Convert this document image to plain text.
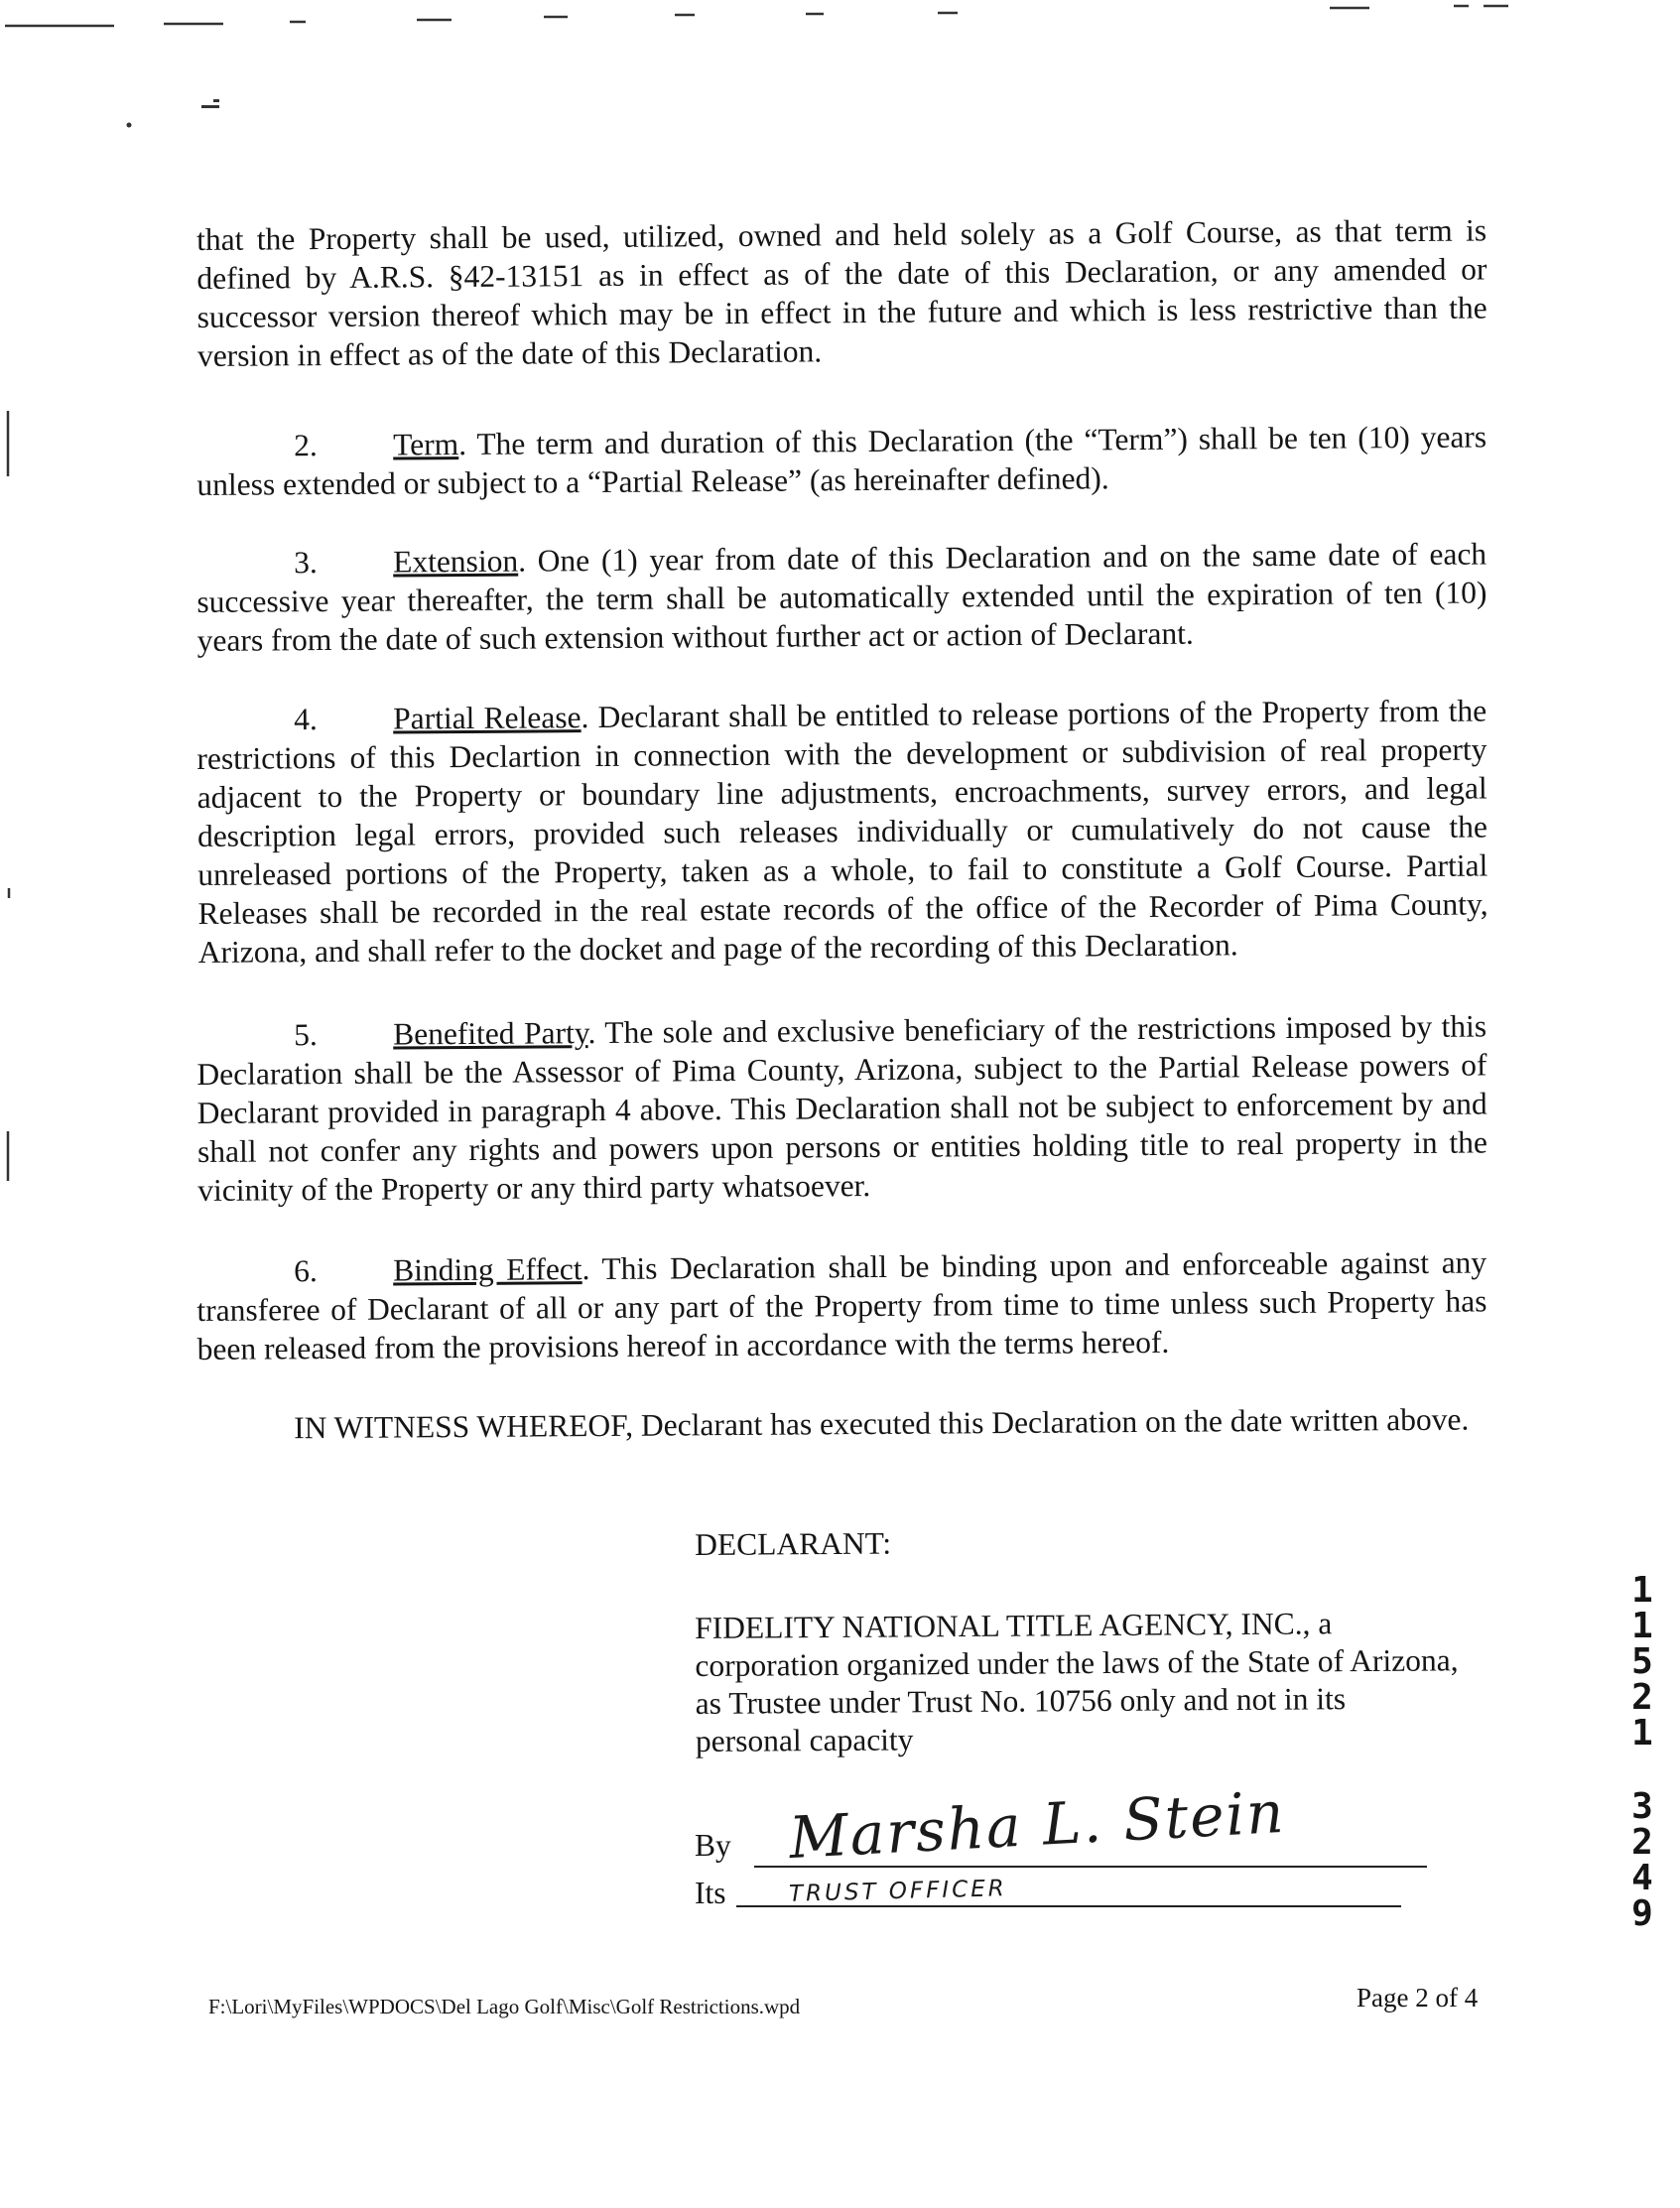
that the Property shall be used, utilized, owned and held solely as a Golf Course, as that term is defined by A.R.S. §42-13151 as in effect as of the date of this Declaration, or any amended or successor version thereof which may be in effect in the future and which is less restrictive than the version in effect as of the date of this Declaration.

2. Term. The term and duration of this Declaration (the “Term”) shall be ten (10) years unless extended or subject to a “Partial Release” (as hereinafter defined).

3. Extension. One (1) year from date of this Declaration and on the same date of each successive year thereafter, the term shall be automatically extended until the expiration of ten (10) years from the date of such extension without further act or action of Declarant.

4. Partial Release. Declarant shall be entitled to release portions of the Property from the restrictions of this Declartion in connection with the development or subdivision of real property adjacent to the Property or boundary line adjustments, encroachments, survey errors, and legal description legal errors, provided such releases individually or cumulatively do not cause the unreleased portions of the Property, taken as a whole, to fail to constitute a Golf Course. Partial Releases shall be recorded in the real estate records of the office of the Recorder of Pima County, Arizona, and shall refer to the docket and page of the recording of this Declaration.

5. Benefited Party. The sole and exclusive beneficiary of the restrictions imposed by this Declaration shall be the Assessor of Pima County, Arizona, subject to the Partial Release powers of Declarant provided in paragraph 4 above. This Declaration shall not be subject to enforcement by and shall not confer any rights and powers upon persons or entities holding title to real property in the vicinity of the Property or any third party whatsoever.

6. Binding Effect. This Declaration shall be binding upon and enforceable against any transferee of Declarant of all or any part of the Property from time to time unless such Property has been released from the provisions hereof in accordance with the terms hereof.

IN WITNESS WHEREOF, Declarant has executed this Declaration on the date written above.

DECLARANT:
FIDELITY NATIONAL TITLE AGENCY, INC., a
corporation organized under the laws of the State of Arizona,
as Trustee under Trust No. 10756 only and not in its
personal capacity
By Marsha L. Stein
Its	TRUST OFFICER
F:\Lori\MyFiles\WPDOCS\Del Lago Golf\Misc\Golf Restrictions.wpd	Page 2 of 4
1
1
5
2
1
3
2
4
9
